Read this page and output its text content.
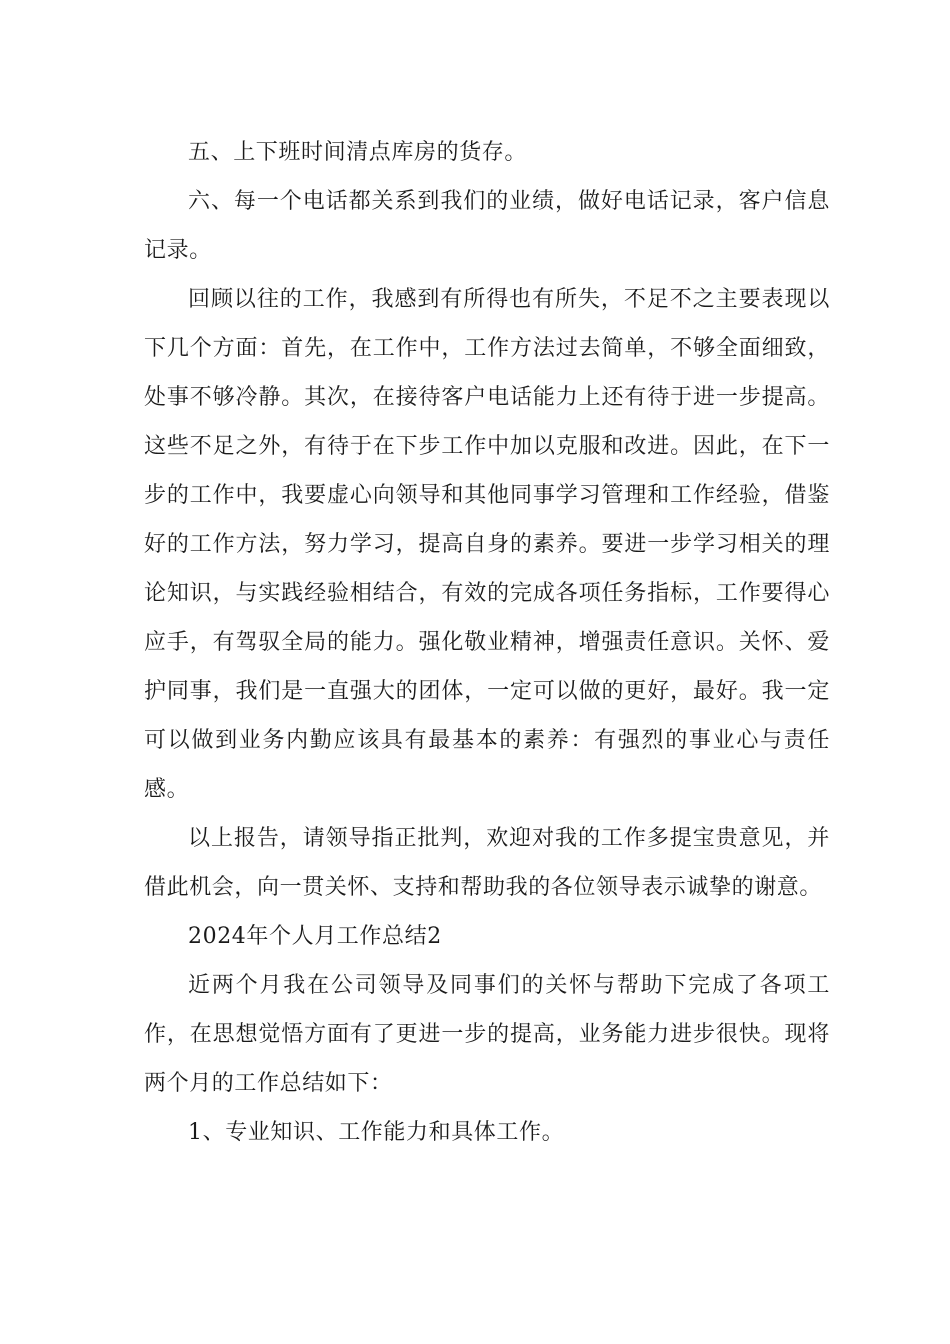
五、上下班时间清点库房的货存。

六、每一个电话都关系到我们的业绩，做好电话记录，客户信息记录。

回顾以往的工作，我感到有所得也有所失，不足不之主要表现以下几个方面：首先，在工作中，工作方法过去简单，不够全面细致，处事不够冷静。其次，在接待客户电话能力上还有待于进一步提高。这些不足之外，有待于在下步工作中加以克服和改进。因此，在下一步的工作中，我要虚心向领导和其他同事学习管理和工作经验，借鉴好的工作方法，努力学习，提高自身的素养。要进一步学习相关的理论知识，与实践经验相结合，有效的完成各项任务指标，工作要得心应手，有驾驭全局的能力。强化敬业精神，增强责任意识。关怀、爱护同事，我们是一直强大的团体，一定可以做的更好，最好。我一定可以做到业务内勤应该具有最基本的素养：有强烈的事业心与责任感。

以上报告，请领导指正批判，欢迎对我的工作多提宝贵意见，并借此机会，向一贯关怀、支持和帮助我的各位领导表示诚挚的谢意。

2024年个人月工作总结2

近两个月我在公司领导及同事们的关怀与帮助下完成了各项工作，在思想觉悟方面有了更进一步的提高，业务能力进步很快。现将两个月的工作总结如下：

1、专业知识、工作能力和具体工作。
